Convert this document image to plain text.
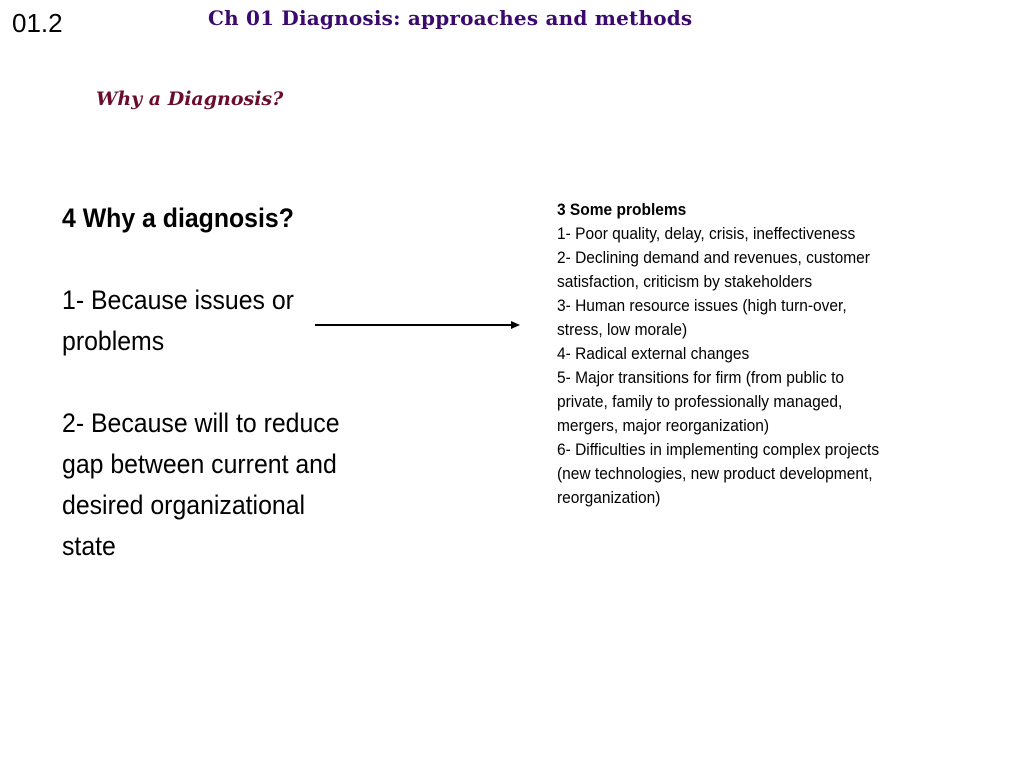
01.2	Ch 01 Diagnosis: approaches and methods
Why a Diagnosis?
4 Why a diagnosis?
1- Because issues or problems
2- Because will to reduce gap between current and desired organizational state
3 Some problems
1- Poor quality, delay, crisis, ineffectiveness
2- Declining demand and revenues, customer satisfaction, criticism by stakeholders
3- Human resource issues (high turn-over, stress, low morale)
4- Radical external changes
5- Major transitions for firm (from public to private, family to professionally managed, mergers, major reorganization)
6- Difficulties in implementing complex projects (new technologies, new product development, reorganization)
